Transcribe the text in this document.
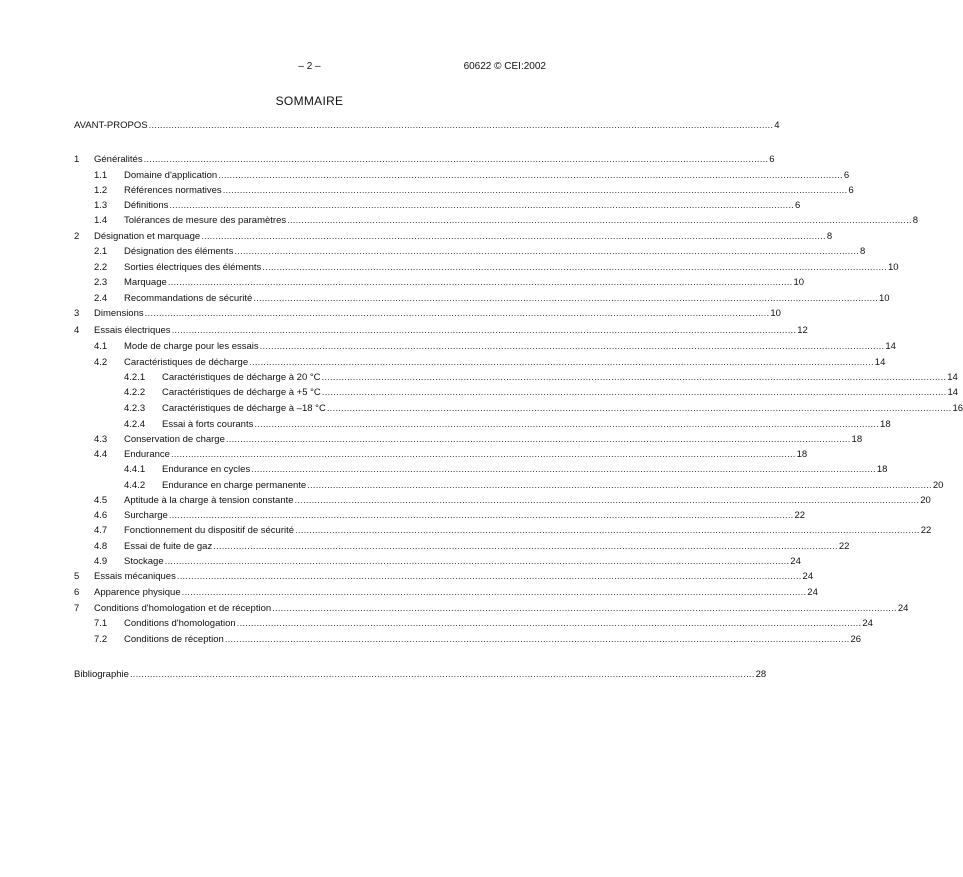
– 2 –	60622 © CEI:2002
SOMMAIRE
AVANT-PROPOS ............................................................................................................................................................................................................................ 4
1 Généralités ............................................................................................................................................................................................................................ 6
1.1 Domaine d'application ............................................................................................................................................................................................................................ 6
1.2 Références normatives ............................................................................................................................................................................................................................ 6
1.3 Définitions ............................................................................................................................................................................................................................ 6
1.4 Tolérances de mesure des paramètres ............................................................................................................................................................................................................................ 8
2 Désignation et marquage ............................................................................................................................................................................................................................ 8
2.1 Désignation des éléments ............................................................................................................................................................................................................................ 8
2.2 Sorties électriques des éléments ............................................................................................................................................................................................................................ 10
2.3 Marquage ............................................................................................................................................................................................................................ 10
2.4 Recommandations de sécurité ............................................................................................................................................................................................................................ 10
3 Dimensions ............................................................................................................................................................................................................................ 10
4 Essais électriques ............................................................................................................................................................................................................................ 12
4.1 Mode de charge pour les essais ............................................................................................................................................................................................................................ 14
4.2 Caractéristiques de décharge ............................................................................................................................................................................................................................ 14
4.2.1 Caractéristiques de décharge à 20 °C ............................................................................................................................................................................................................................ 14
4.2.2 Caractéristiques de décharge à +5 °C ............................................................................................................................................................................................................................ 14
4.2.3 Caractéristiques de décharge à –18 °C ............................................................................................................................................................................................................................ 16
4.2.4 Essai à forts courants ............................................................................................................................................................................................................................ 18
4.3 Conservation de charge ............................................................................................................................................................................................................................ 18
4.4 Endurance ............................................................................................................................................................................................................................ 18
4.4.1 Endurance en cycles ............................................................................................................................................................................................................................ 18
4.4.2 Endurance en charge permanente ............................................................................................................................................................................................................................ 20
4.5 Aptitude à la charge à tension constante ............................................................................................................................................................................................................................ 20
4.6 Surcharge ............................................................................................................................................................................................................................ 22
4.7 Fonctionnement du dispositif de sécurité ............................................................................................................................................................................................................................ 22
4.8 Essai de fuite de gaz ............................................................................................................................................................................................................................ 22
4.9 Stockage ............................................................................................................................................................................................................................ 24
5 Essais mécaniques ............................................................................................................................................................................................................................ 24
6 Apparence physique ............................................................................................................................................................................................................................ 24
7 Conditions d'homologation et de réception ............................................................................................................................................................................................................................ 24
7.1 Conditions d'homologation ............................................................................................................................................................................................................................ 24
7.2 Conditions de réception ............................................................................................................................................................................................................................ 26
Bibliographie ............................................................................................................................................................................................................................ 28
